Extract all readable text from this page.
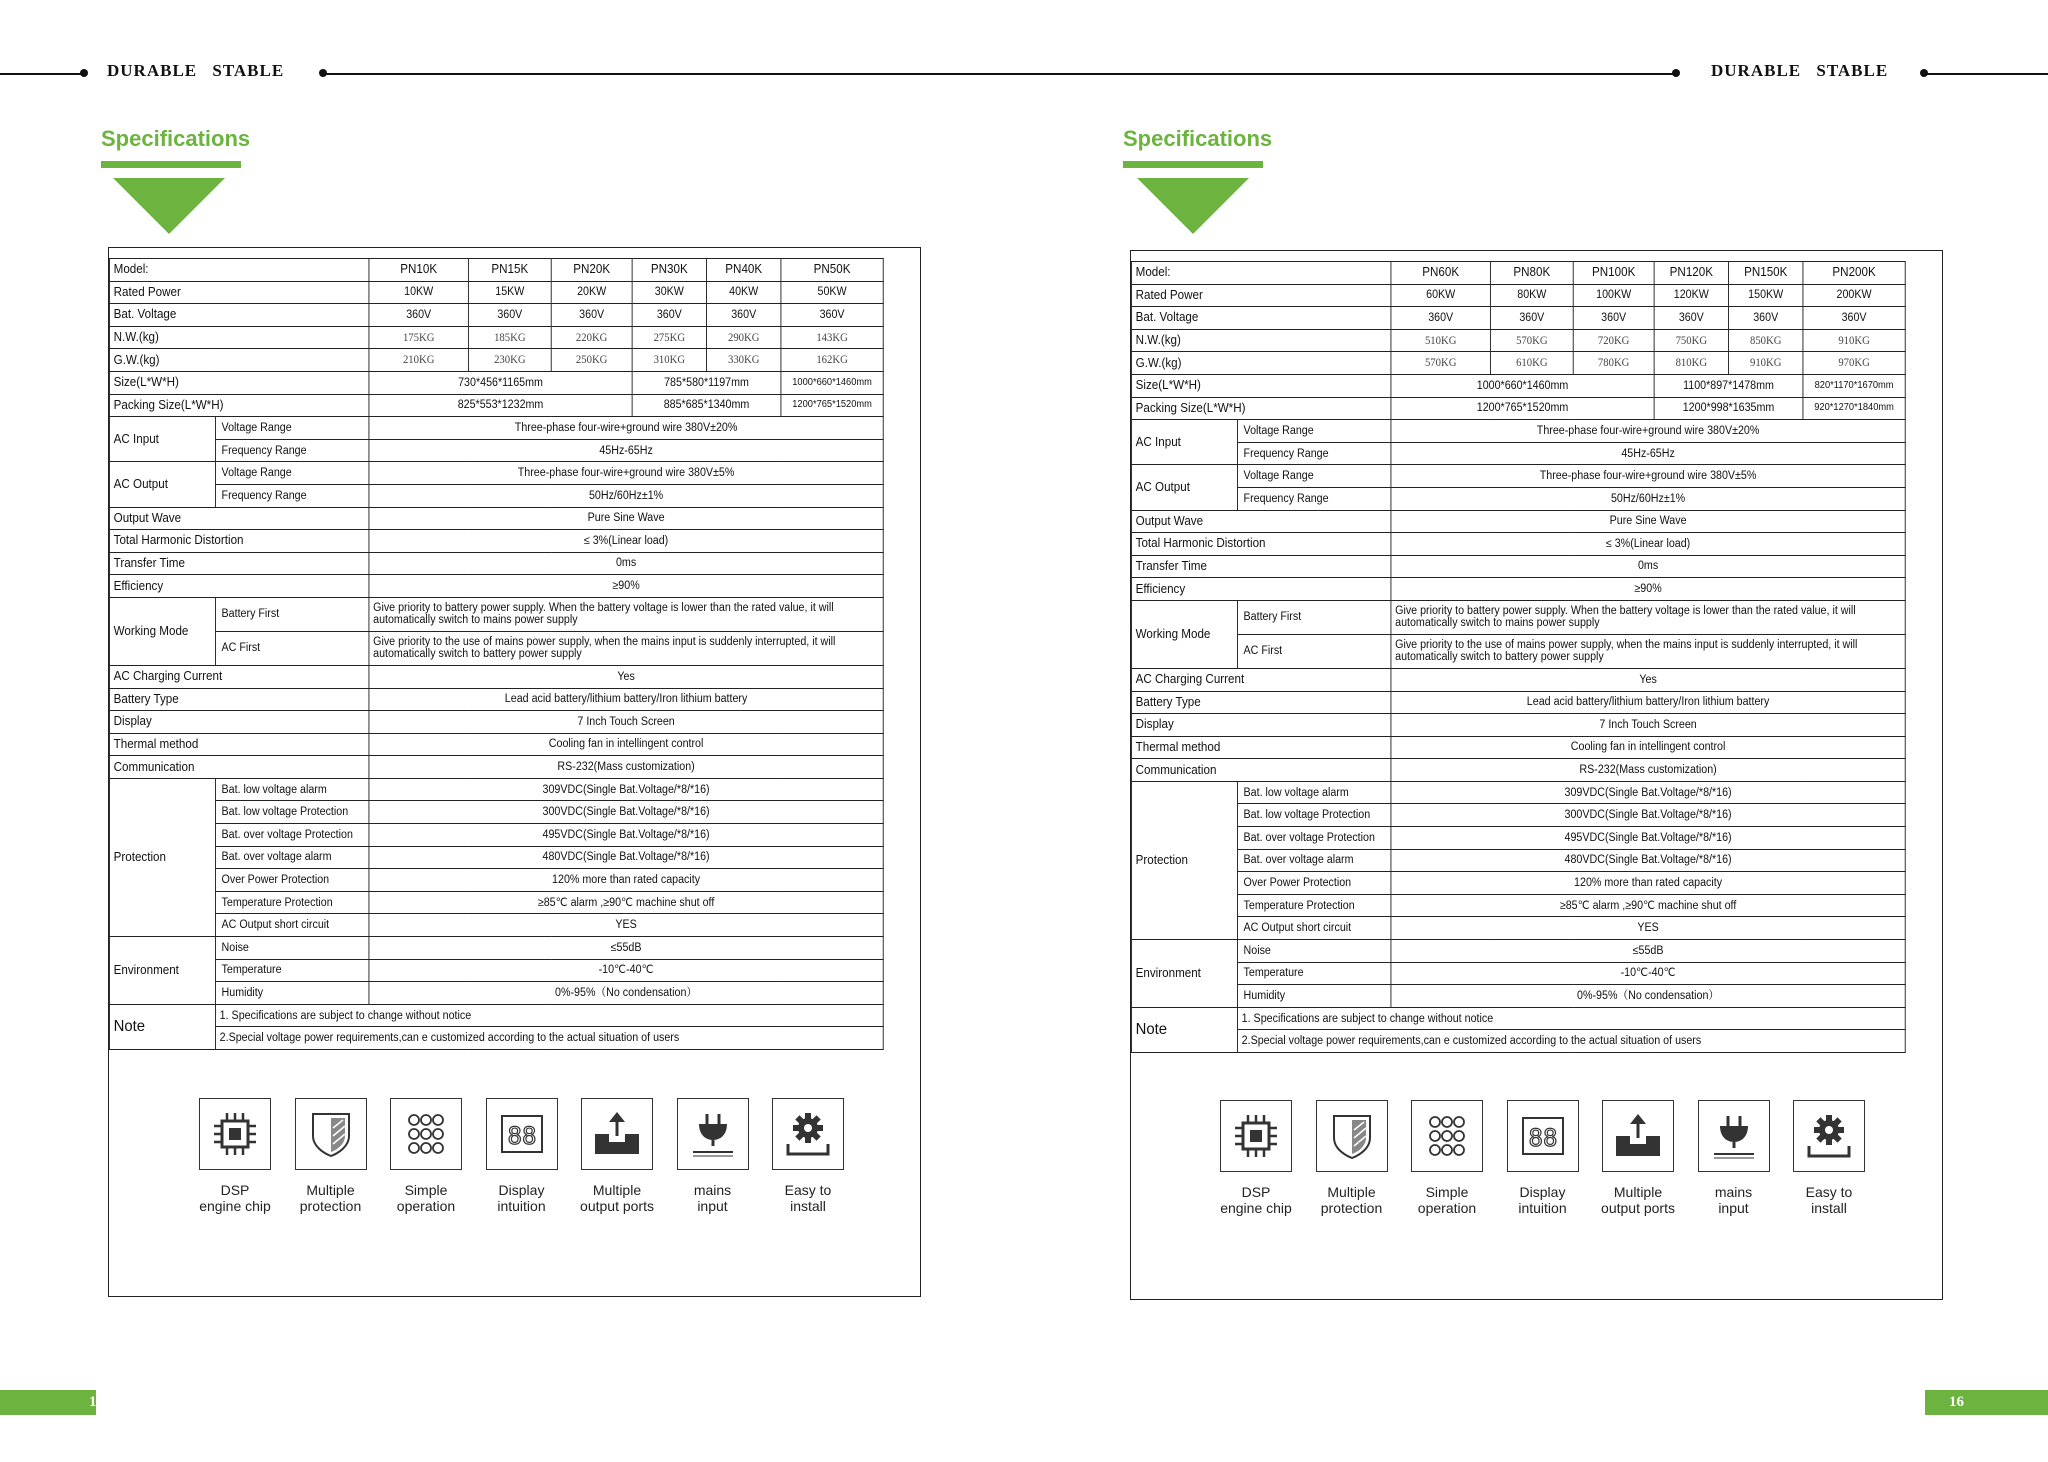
DURABLE STABLE	DURABLE STABLE
Specifications
Model:		PN10K	PN15K	PN20K	PN30K	PN40K	PN50K
Rated Power		10KW	15KW	20KW	30KW	40KW	50KW
Bat. Voltage		360V	360V	360V	360V	360V	360V
N.W.(kg)		175KG	185KG	220KG	275KG	290KG	143KG
G.W.(kg)		210KG	230KG	250KG	310KG	330KG	162KG
Size(L*W*H)		730*456*1165mm			785*580*1197mm		1000*660*1460mm
Packing Size(L*W*H)		825*553*1232mm			885*685*1340mm		1200*765*1520mm
AC Input	Voltage Range	Three-phase four-wire+ground wire 380V±20%					
	Frequency Range	45Hz-65Hz					
AC Output	Voltage Range	Three-phase four-wire+ground wire 380V±5%					
	Frequency Range	50Hz/60Hz±1%					
Output Wave		Pure Sine Wave					
Total Harmonic Distortion		≤ 3%(Linear load)					
Transfer Time		0ms					
Efficiency		≥90%					
Working Mode	Battery First	Give priority to battery power supply. When the battery voltage is lower than the rated value, it will automatically switch to mains power supply					
	AC First	Give priority to the use of mains power supply, when the mains input is suddenly interrupted, it will automatically switch to battery power supply					
AC Charging Current		Yes					
Battery Type		Lead acid battery/lithium battery/Iron lithium battery					
Display		7 Inch Touch Screen					
Thermal method		Cooling fan in intellingent control					
Communication		RS-232(Mass customization)					
Protection	Bat. low voltage alarm	309VDC(Single Bat.Voltage/*8/*16)					
	Bat. low voltage Protection	300VDC(Single Bat.Voltage/*8/*16)					
	Bat. over voltage Protection	495VDC(Single Bat.Voltage/*8/*16)					
	Bat. over voltage alarm	480VDC(Single Bat.Voltage/*8/*16)					
	Over Power Protection	120% more than rated capacity					
	Temperature Protection	≥85℃ alarm ,≥90℃ machine shut off					
	AC Output short circuit	YES					
Environment	Noise	≤55dB					
	Temperature	-10℃-40℃					
	Humidity	0%-95%（No condensation）					
Note	1. Specifications are subject to change without notice						
	2.Special voltage power requirements,can e customized according to the actual situation of users						
DSP
engine chip
Multiple
protection
Simple
operation
88
Display
intuition
Multiple
output ports
mains
input
Easy to
install
15
Specifications
Model:		PN60K	PN80K	PN100K	PN120K	PN150K	PN200K
Rated Power		60KW	80KW	100KW	120KW	150KW	200KW
Bat. Voltage		360V	360V	360V	360V	360V	360V
N.W.(kg)		510KG	570KG	720KG	750KG	850KG	910KG
G.W.(kg)		570KG	610KG	780KG	810KG	910KG	970KG
Size(L*W*H)		1000*660*1460mm			1100*897*1478mm		820*1170*1670mm
Packing Size(L*W*H)		1200*765*1520mm			1200*998*1635mm		920*1270*1840mm
AC Input	Voltage Range	Three-phase four-wire+ground wire 380V±20%					
	Frequency Range	45Hz-65Hz					
AC Output	Voltage Range	Three-phase four-wire+ground wire 380V±5%					
	Frequency Range	50Hz/60Hz±1%					
Output Wave		Pure Sine Wave					
Total Harmonic Distortion		≤ 3%(Linear load)					
Transfer Time		0ms					
Efficiency		≥90%					
Working Mode	Battery First	Give priority to battery power supply. When the battery voltage is lower than the rated value, it will automatically switch to mains power supply					
	AC First	Give priority to the use of mains power supply, when the mains input is suddenly interrupted, it will automatically switch to battery power supply					
AC Charging Current		Yes					
Battery Type		Lead acid battery/lithium battery/Iron lithium battery					
Display		7 Inch Touch Screen					
Thermal method		Cooling fan in intellingent control					
Communication		RS-232(Mass customization)					
Protection	Bat. low voltage alarm	309VDC(Single Bat.Voltage/*8/*16)					
	Bat. low voltage Protection	300VDC(Single Bat.Voltage/*8/*16)					
	Bat. over voltage Protection	495VDC(Single Bat.Voltage/*8/*16)					
	Bat. over voltage alarm	480VDC(Single Bat.Voltage/*8/*16)					
	Over Power Protection	120% more than rated capacity					
	Temperature Protection	≥85℃ alarm ,≥90℃ machine shut off					
	AC Output short circuit	YES					
Environment	Noise	≤55dB					
	Temperature	-10℃-40℃					
	Humidity	0%-95%（No condensation）					
Note	1. Specifications are subject to change without notice						
	2.Special voltage power requirements,can e customized according to the actual situation of users						
DSP
engine chip
Multiple
protection
Simple
operation
88
Display
intuition
Multiple
output ports
mains
input
Easy to
install
16
